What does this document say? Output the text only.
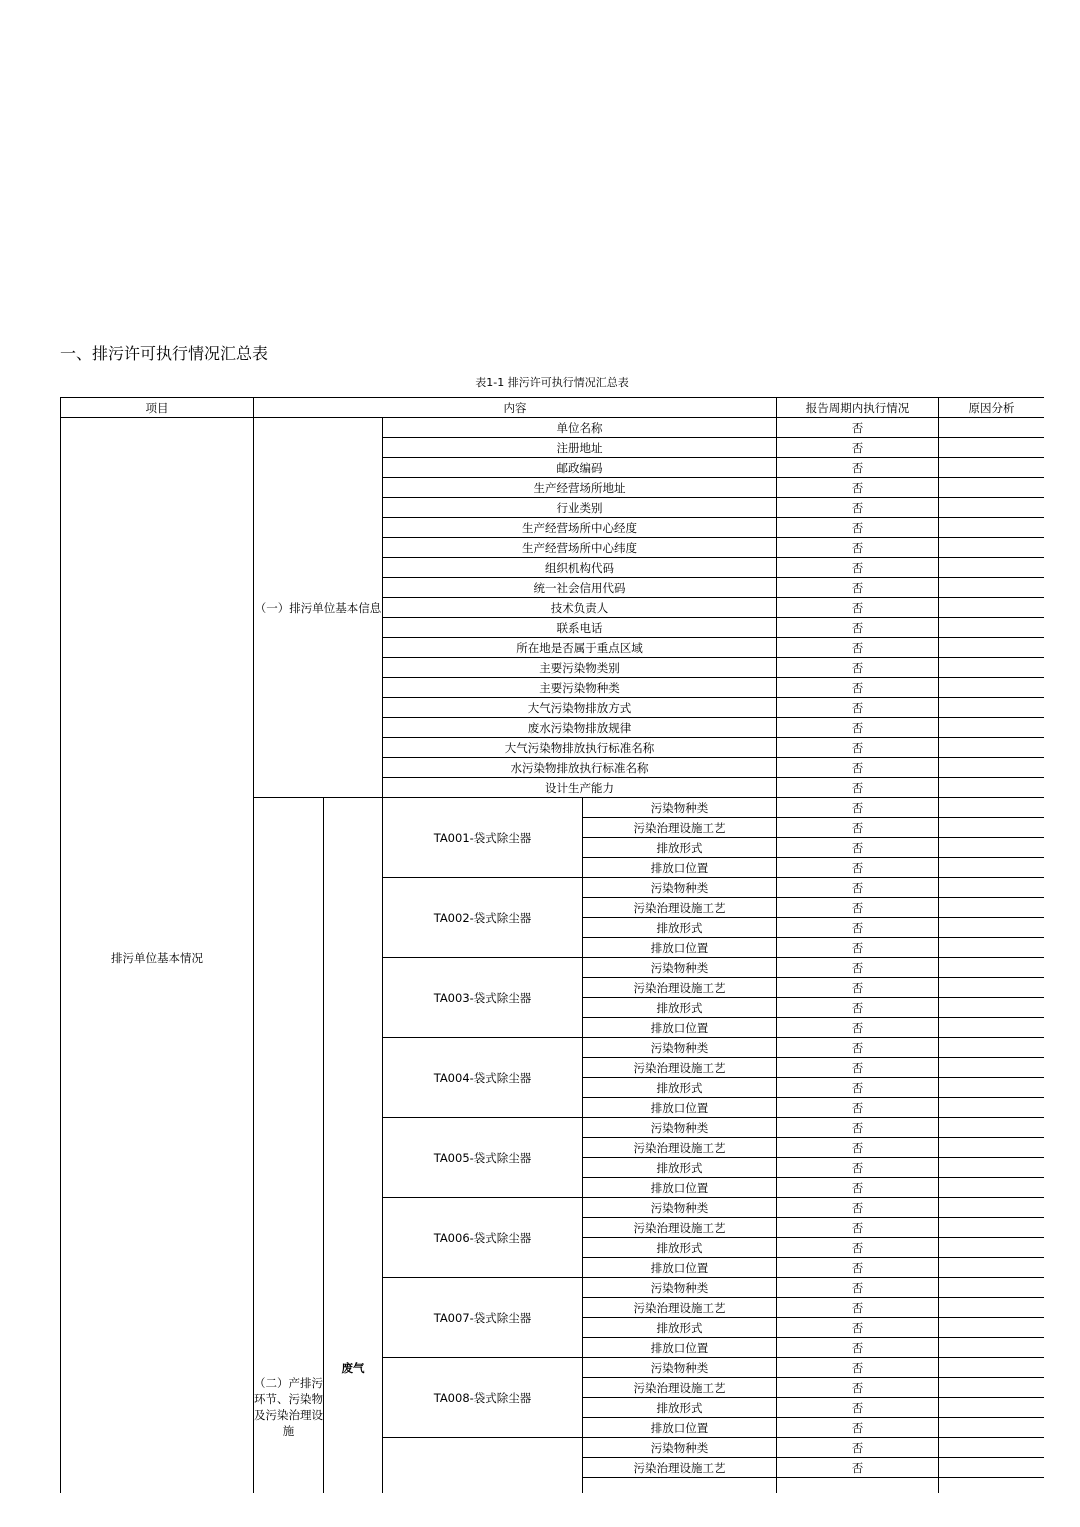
一、排污许可执行情况汇总表
表1-1 排污许可执行情况汇总表
项目	内容				报告周期内执行情况	原因分析
排污单位基本情况	（一）排污单位基本信息		单位名称		否	
			注册地址		否	
			邮政编码		否	
			生产经营场所地址		否	
			行业类别		否	
			生产经营场所中心经度		否	
			生产经营场所中心纬度		否	
			组织机构代码		否	
			统一社会信用代码		否	
			技术负责人		否	
			联系电话		否	
			所在地是否属于重点区域		否	
			主要污染物类别		否	
			主要污染物种类		否	
			大气污染物排放方式		否	
			废水污染物排放规律		否	
			大气污染物排放执行标准名称		否	
			水污染物排放执行标准名称		否	
			设计生产能力		否	
	（二）产排污环节、污染物及污染治理设施	废气	TA001-袋式除尘器	污染物种类	否	
				污染治理设施工艺	否	
				排放形式	否	
				排放口位置	否	
			TA002-袋式除尘器	污染物种类	否	
				污染治理设施工艺	否	
				排放形式	否	
				排放口位置	否	
			TA003-袋式除尘器	污染物种类	否	
				污染治理设施工艺	否	
				排放形式	否	
				排放口位置	否	
			TA004-袋式除尘器	污染物种类	否	
				污染治理设施工艺	否	
				排放形式	否	
				排放口位置	否	
			TA005-袋式除尘器	污染物种类	否	
				污染治理设施工艺	否	
				排放形式	否	
				排放口位置	否	
			TA006-袋式除尘器	污染物种类	否	
				污染治理设施工艺	否	
				排放形式	否	
				排放口位置	否	
			TA007-袋式除尘器	污染物种类	否	
				污染治理设施工艺	否	
				排放形式	否	
				排放口位置	否	
			TA008-袋式除尘器	污染物种类	否	
				污染治理设施工艺	否	
				排放形式	否	
				排放口位置	否	
				污染物种类	否	
				污染治理设施工艺	否	
